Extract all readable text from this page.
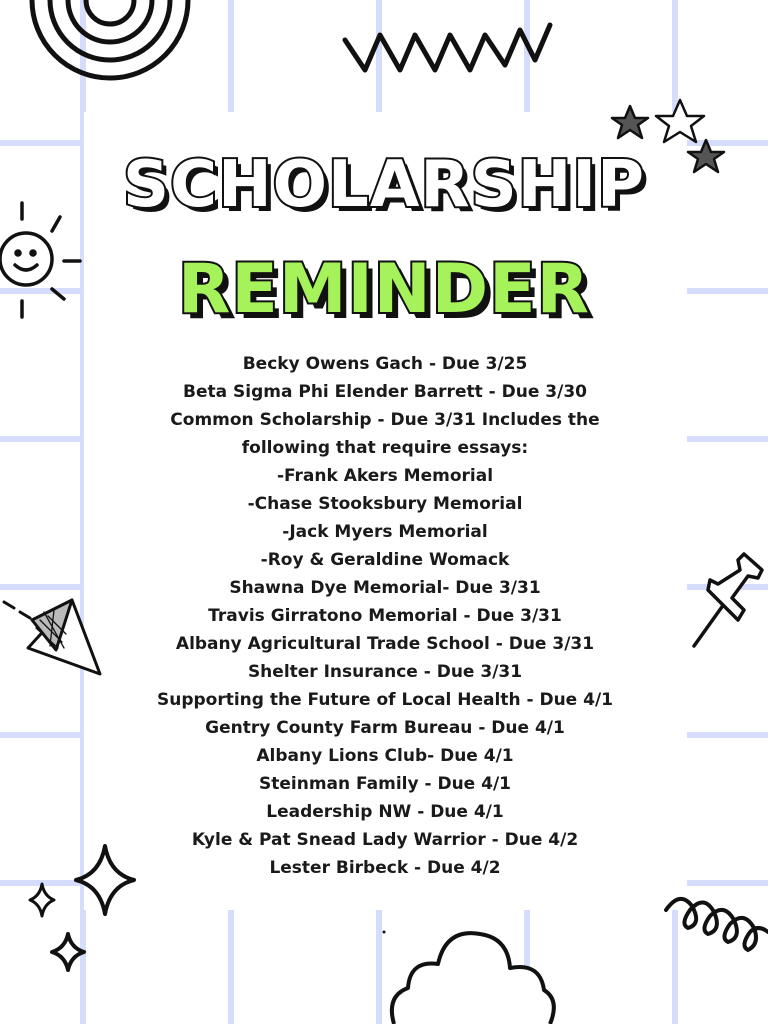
SCHOLARSHIP
REMINDER
Becky Owens Gach - Due 3/25
Beta Sigma Phi Elender Barrett - Due 3/30
Common Scholarship - Due 3/31 Includes the
following that require essays:
-Frank Akers Memorial
-Chase Stooksbury Memorial
-Jack Myers Memorial
-Roy & Geraldine Womack
Shawna Dye Memorial- Due 3/31
Travis Girratono Memorial - Due 3/31
Albany Agricultural Trade School - Due 3/31
Shelter Insurance - Due 3/31
Supporting the Future of Local Health - Due 4/1
Gentry County Farm Bureau - Due 4/1
Albany Lions Club- Due 4/1
Steinman Family - Due 4/1
Leadership NW - Due 4/1
Kyle & Pat Snead Lady Warrior - Due 4/2
Lester Birbeck - Due 4/2
